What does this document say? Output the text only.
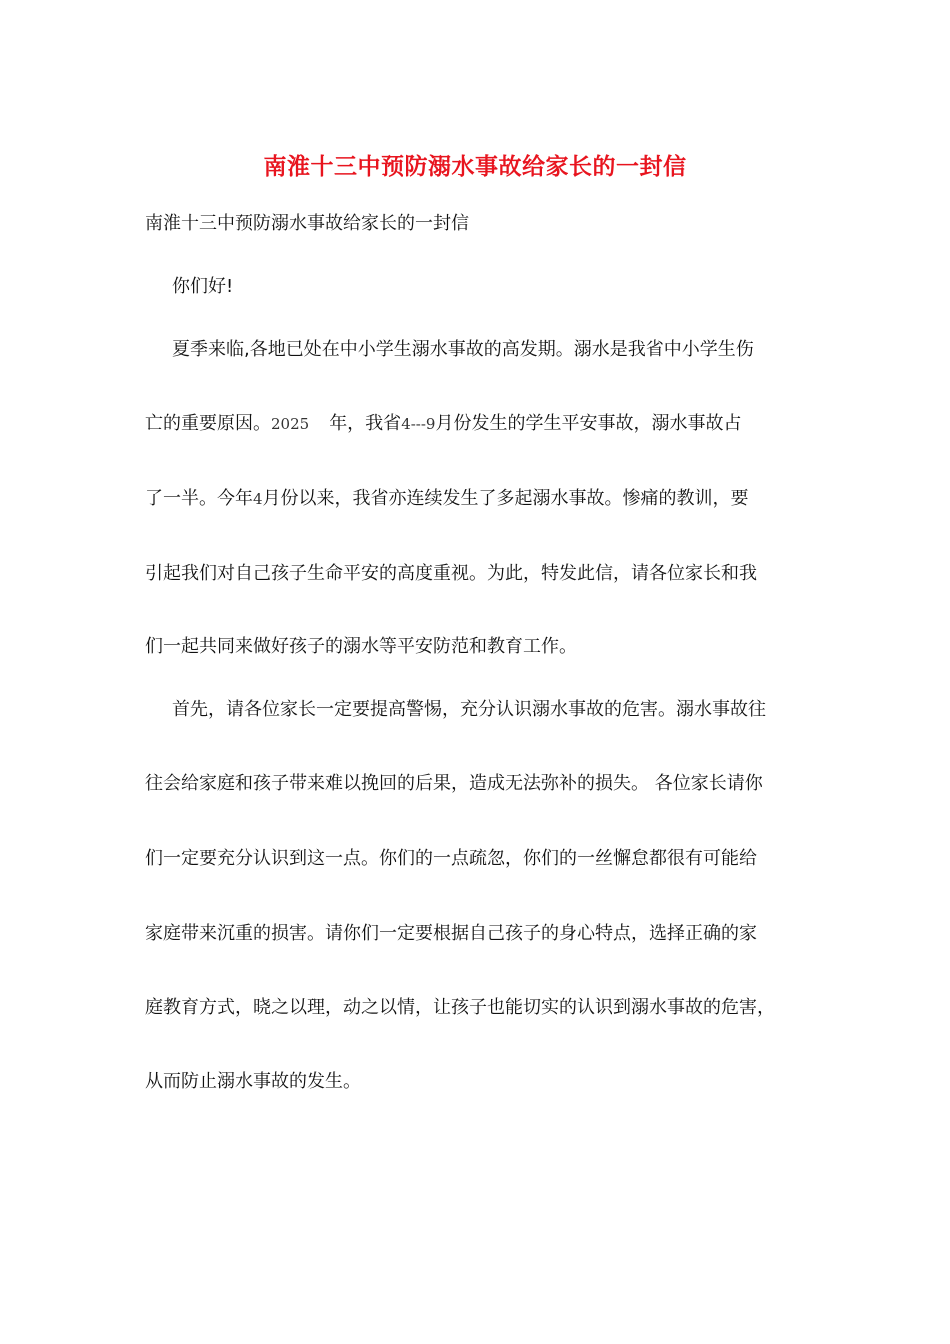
南淮十三中预防溺水事故给家长的一封信
南淮十三中预防溺水事故给家长的一封信
你们好!
夏季来临,各地已处在中小学生溺水事故的高发期。溺水是我省中小学生伤
亡的重要原因。2025 年，我省4---9月份发生的学生平安事故，溺水事故占
了一半。今年4月份以来，我省亦连续发生了多起溺水事故。惨痛的教训，要
引起我们对自己孩子生命平安的高度重视。为此，特发此信，请各位家长和我
们一起共同来做好孩子的溺水等平安防范和教育工作。
首先，请各位家长一定要提高警惕，充分认识溺水事故的危害。溺水事故往
往会给家庭和孩子带来难以挽回的后果，造成无法弥补的损失。 各位家长请你
们一定要充分认识到这一点。你们的一点疏忽，你们的一丝懈怠都很有可能给
家庭带来沉重的损害。请你们一定要根据自己孩子的身心特点，选择正确的家
庭教育方式，晓之以理，动之以情，让孩子也能切实的认识到溺水事故的危害，
从而防止溺水事故的发生。
